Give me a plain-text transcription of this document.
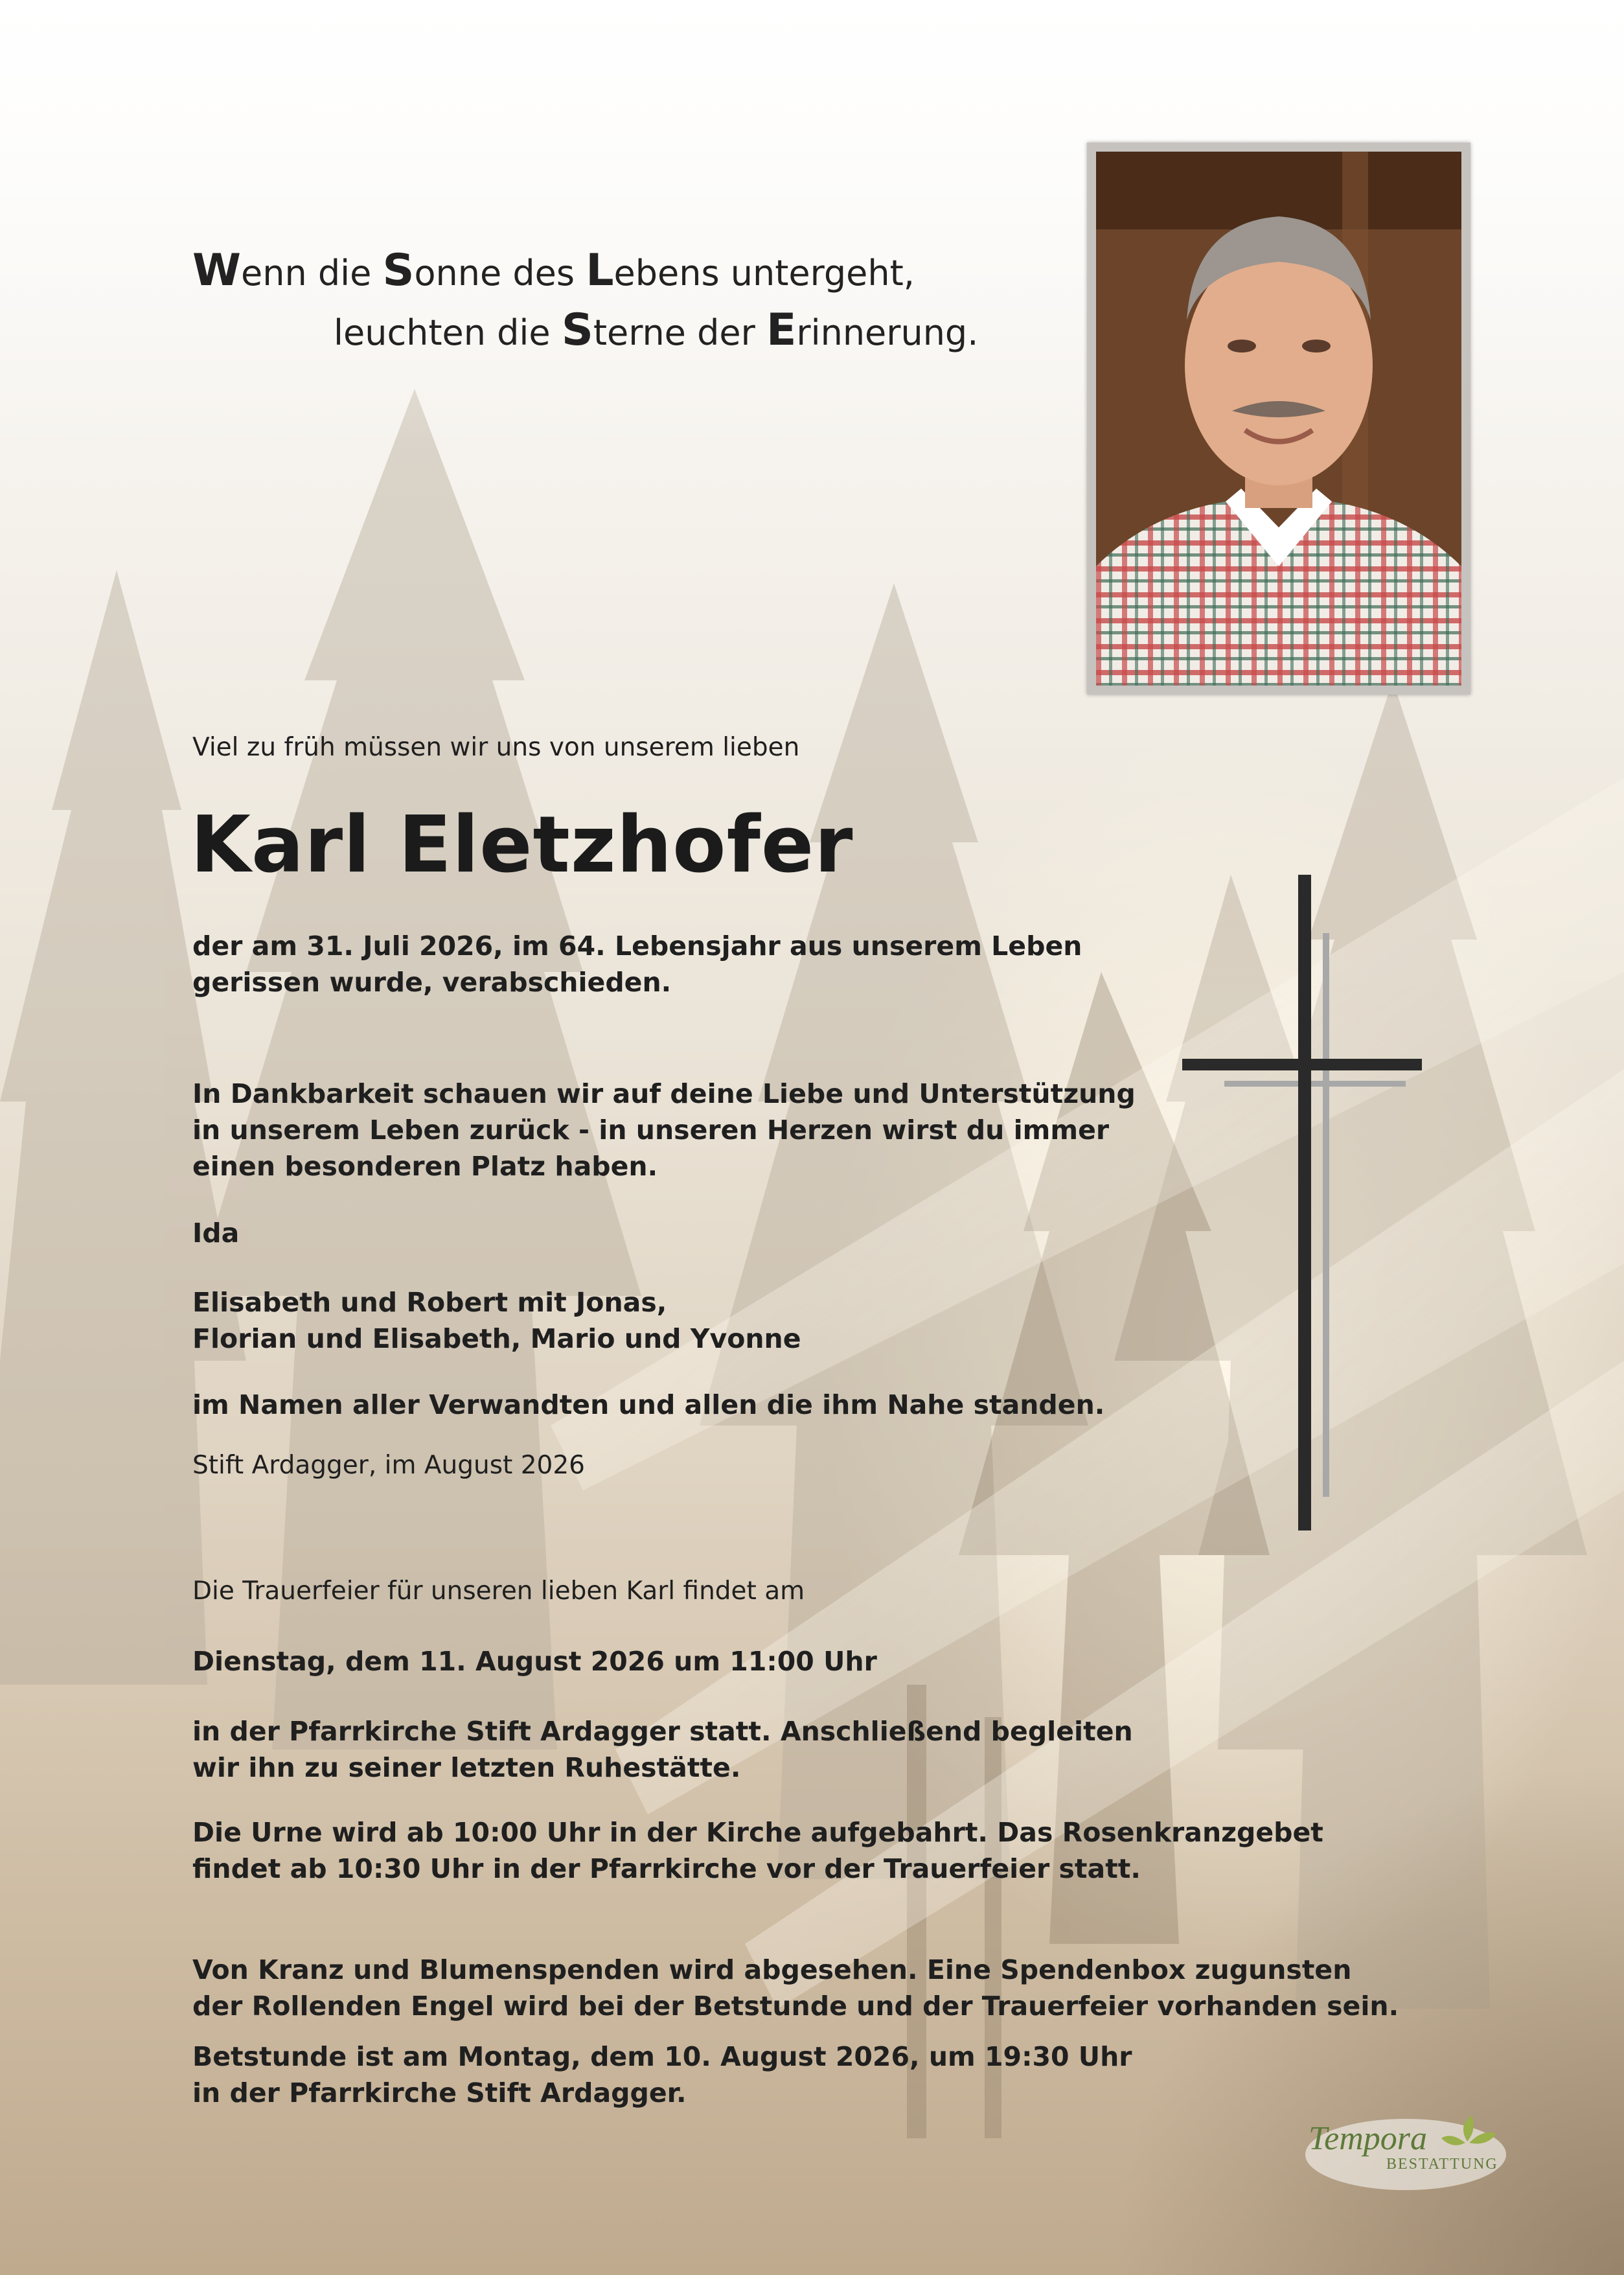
Wenn die Sonne des Lebens untergeht,

leuchten die Sterne der Erinnerung.

Viel zu früh müssen wir uns von unserem lieben

Karl Eletzhofer

der am 31. Juli 2026, im 64. Lebensjahr aus unserem Leben
gerissen wurde, verabschieden.
In Dankbarkeit schauen wir auf deine Liebe und Unterstützung
in unserem Leben zurück - in unseren Herzen wirst du immer
einen besonderen Platz haben.

Ida

Elisabeth und Robert mit Jonas,
Florian und Elisabeth, Mario und Yvonne

im Namen aller Verwandten und allen die ihm Nahe standen.

Stift Ardagger, im August 2026

Die Trauerfeier für unseren lieben Karl findet am

Dienstag, dem 11. August 2026 um 11:00 Uhr

in der Pfarrkirche Stift Ardagger statt. Anschließend begleiten
wir ihn zu seiner letzten Ruhestätte.
Die Urne wird ab 10:00 Uhr in der Kirche aufgebahrt. Das Rosenkranzgebet
findet ab 10:30 Uhr in der Pfarrkirche vor der Trauerfeier statt.
Von Kranz und Blumenspenden wird abgesehen. Eine Spendenbox zugunsten
der Rollenden Engel wird bei der Betstunde und der Trauerfeier vorhanden sein.
Betstunde ist am Montag, dem 10. August 2026, um 19:30 Uhr
in der Pfarrkirche Stift Ardagger.
Tempora
BESTATTUNG
